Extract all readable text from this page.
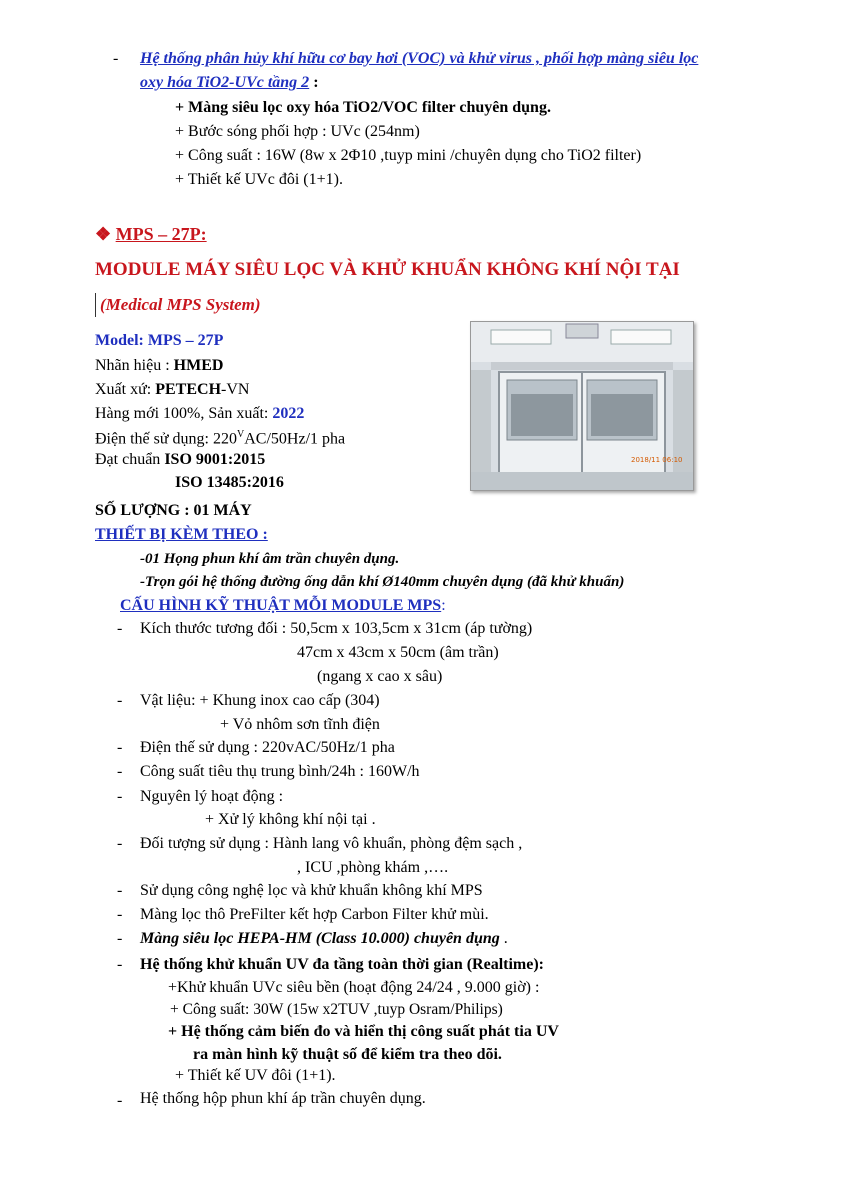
- Hệ thống phân hủy khí hữu cơ bay hơi (VOC) và khử virus , phối hợp màng siêu lọc
oxy hóa TiO2-UVc tầng 2 :
+ Màng siêu lọc oxy hóa TiO2/VOC filter chuyên dụng.
+ Bước sóng phối hợp : UVc (254nm)
+ Công suất : 16W (8w x 2Φ10 ,tuyp mini /chuyên dụng cho TiO2 filter)
+ Thiết kế UVc đôi (1+1).
❖ MPS – 27P:
MODULE MÁY SIÊU LỌC VÀ KHỬ KHUẨN KHÔNG KHÍ NỘI TẠI
(Medical MPS System)
Model: MPS – 27P
Nhãn hiệu : HMED
Xuất xứ: PETECH-VN
Hàng mới 100%, Sản xuất: 2022
Điện thế sử dụng: $220^VAC/50Hz/1$ pha
Đạt chuẩn ISO 9001:2015
ISO 13485:2016
2018/11 06:10
SỐ LƯỢNG : 01 MÁY
THIẾT BỊ KÈM THEO :
-01 Họng phun khí âm trần chuyên dụng.
-Trọn gói hệ thống đường ống dẫn khí Ø140mm chuyên dụng (đã khử khuẩn)
CẤU HÌNH KỸ THUẬT MỖI MODULE MPS:
- Kích thước tương đối : 50,5cm x 103,5cm x 31cm (áp tường)
47cm x 43cm x 50cm (âm trần)
(ngang x cao x sâu)
- Vật liệu: + Khung inox cao cấp (304)
+ Vỏ nhôm sơn tĩnh điện
- Điện thế sử dụng : 220vAC/50Hz/1 pha
- Công suất tiêu thụ trung bình/24h : 160W/h
- Nguyên lý hoạt động :
+ Xử lý không khí nội tại .
- Đối tượng sử dụng : Hành lang vô khuẩn, phòng đệm sạch ,
, ICU ,phòng khám ,….
- Sử dụng công nghệ lọc và khử khuẩn không khí MPS
- Màng lọc thô PreFilter kết hợp Carbon Filter khử mùi.
- Màng siêu lọc HEPA-HM (Class 10.000) chuyên dụng .
- Hệ thống khử khuẩn UV đa tầng toàn thời gian (Realtime):
+Khử khuẩn UVc siêu bền (hoạt động 24/24 , 9.000 giờ) :
+ Công suất: 30W (15w x2TUV ,tuyp Osram/Philips)
+ Hệ thống cảm biến đo và hiển thị công suất phát tia UV
ra màn hình kỹ thuật số để kiểm tra theo dõi.
+ Thiết kế UV đôi (1+1).
- Hệ thống hộp phun khí áp trần chuyên dụng.
